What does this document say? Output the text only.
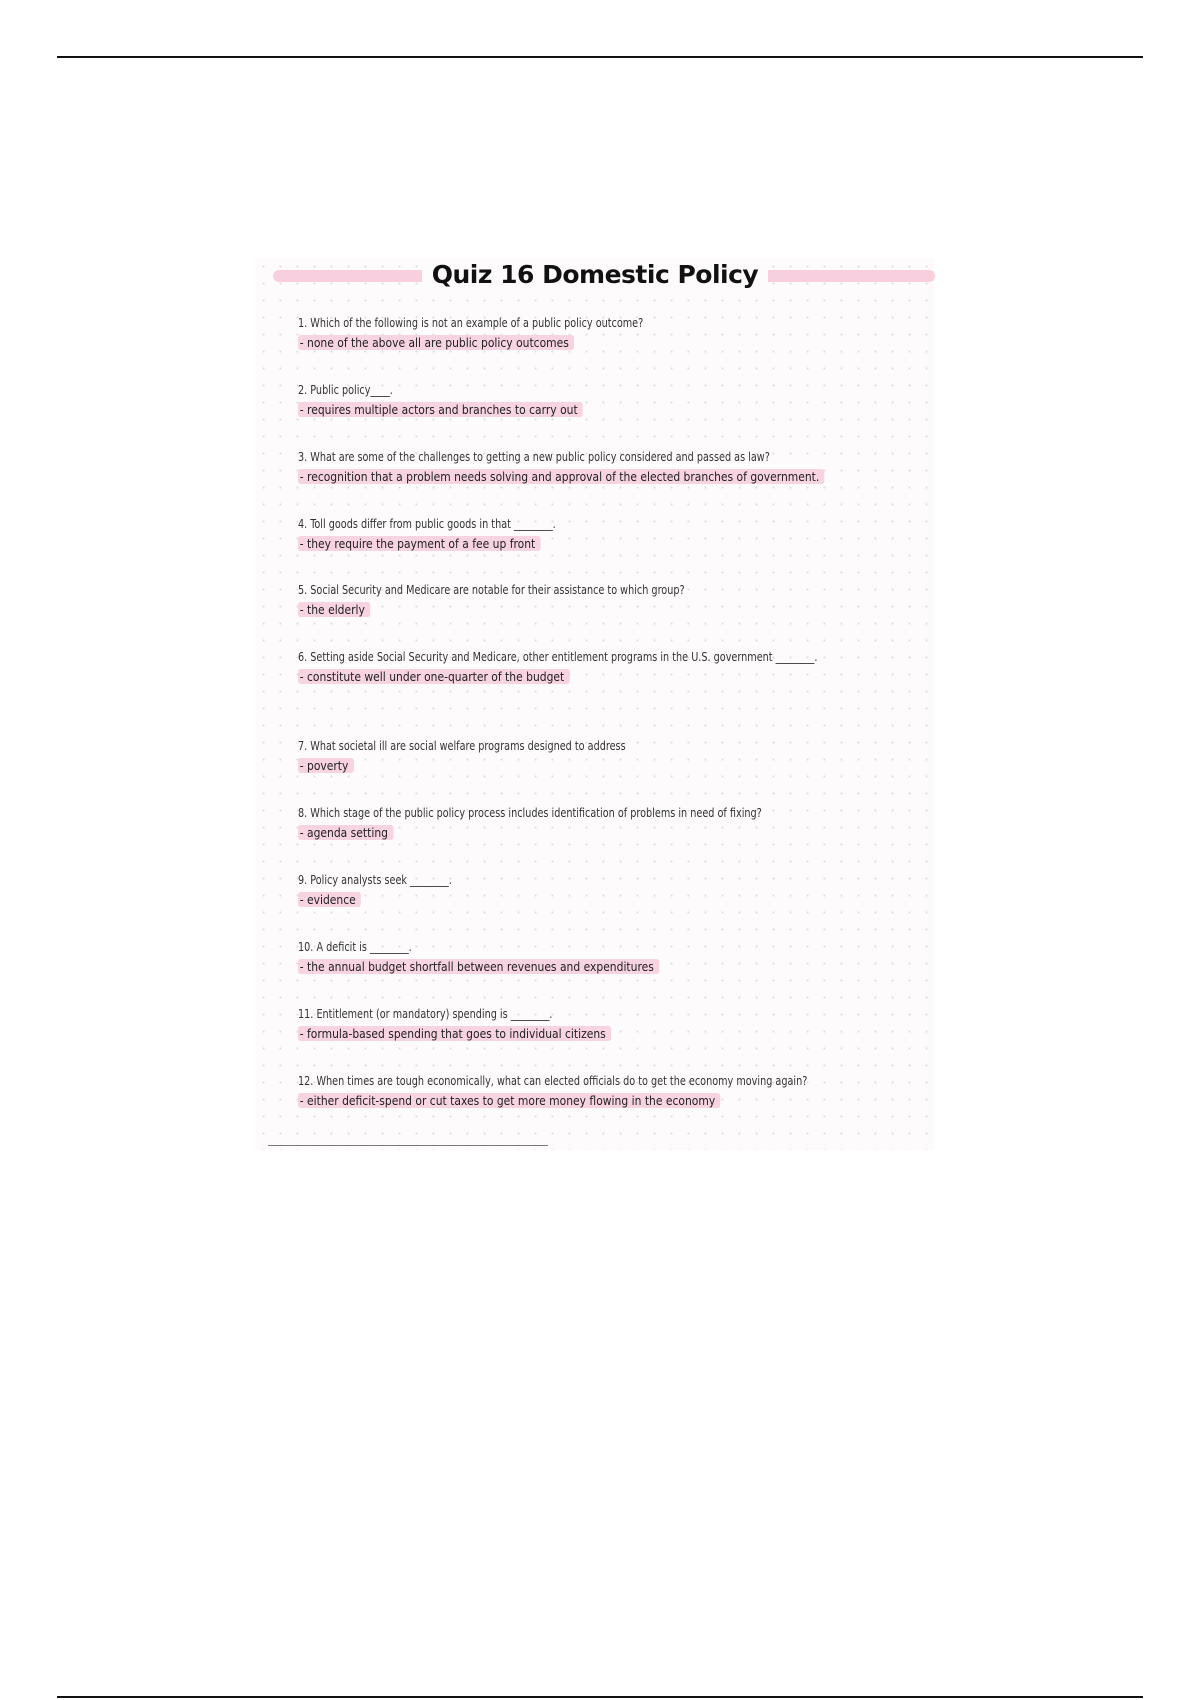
Quiz 16 Domestic Policy
1. Which of the following is not an example of a public policy outcome?
- none of the above all are public policy outcomes
2. Public policy____.
- requires multiple actors and branches to carry out
3. What are some of the challenges to getting a new public policy considered and passed as law?
- recognition that a problem needs solving and approval of the elected branches of government.
4. Toll goods differ from public goods in that ________.
- they require the payment of a fee up front
5. Social Security and Medicare are notable for their assistance to which group?
- the elderly
6. Setting aside Social Security and Medicare, other entitlement programs in the U.S. government ________.
- constitute well under one-quarter of the budget
7. What societal ill are social welfare programs designed to address
- poverty
8. Which stage of the public policy process includes identification of problems in need of fixing?
- agenda setting
9. Policy analysts seek ________.
- evidence
10. A deficit is ________.
- the annual budget shortfall between revenues and expenditures
11. Entitlement (or mandatory) spending is ________.
- formula-based spending that goes to individual citizens
12. When times are tough economically, what can elected officials do to get the economy moving again?
- either deficit-spend or cut taxes to get more money flowing in the economy
